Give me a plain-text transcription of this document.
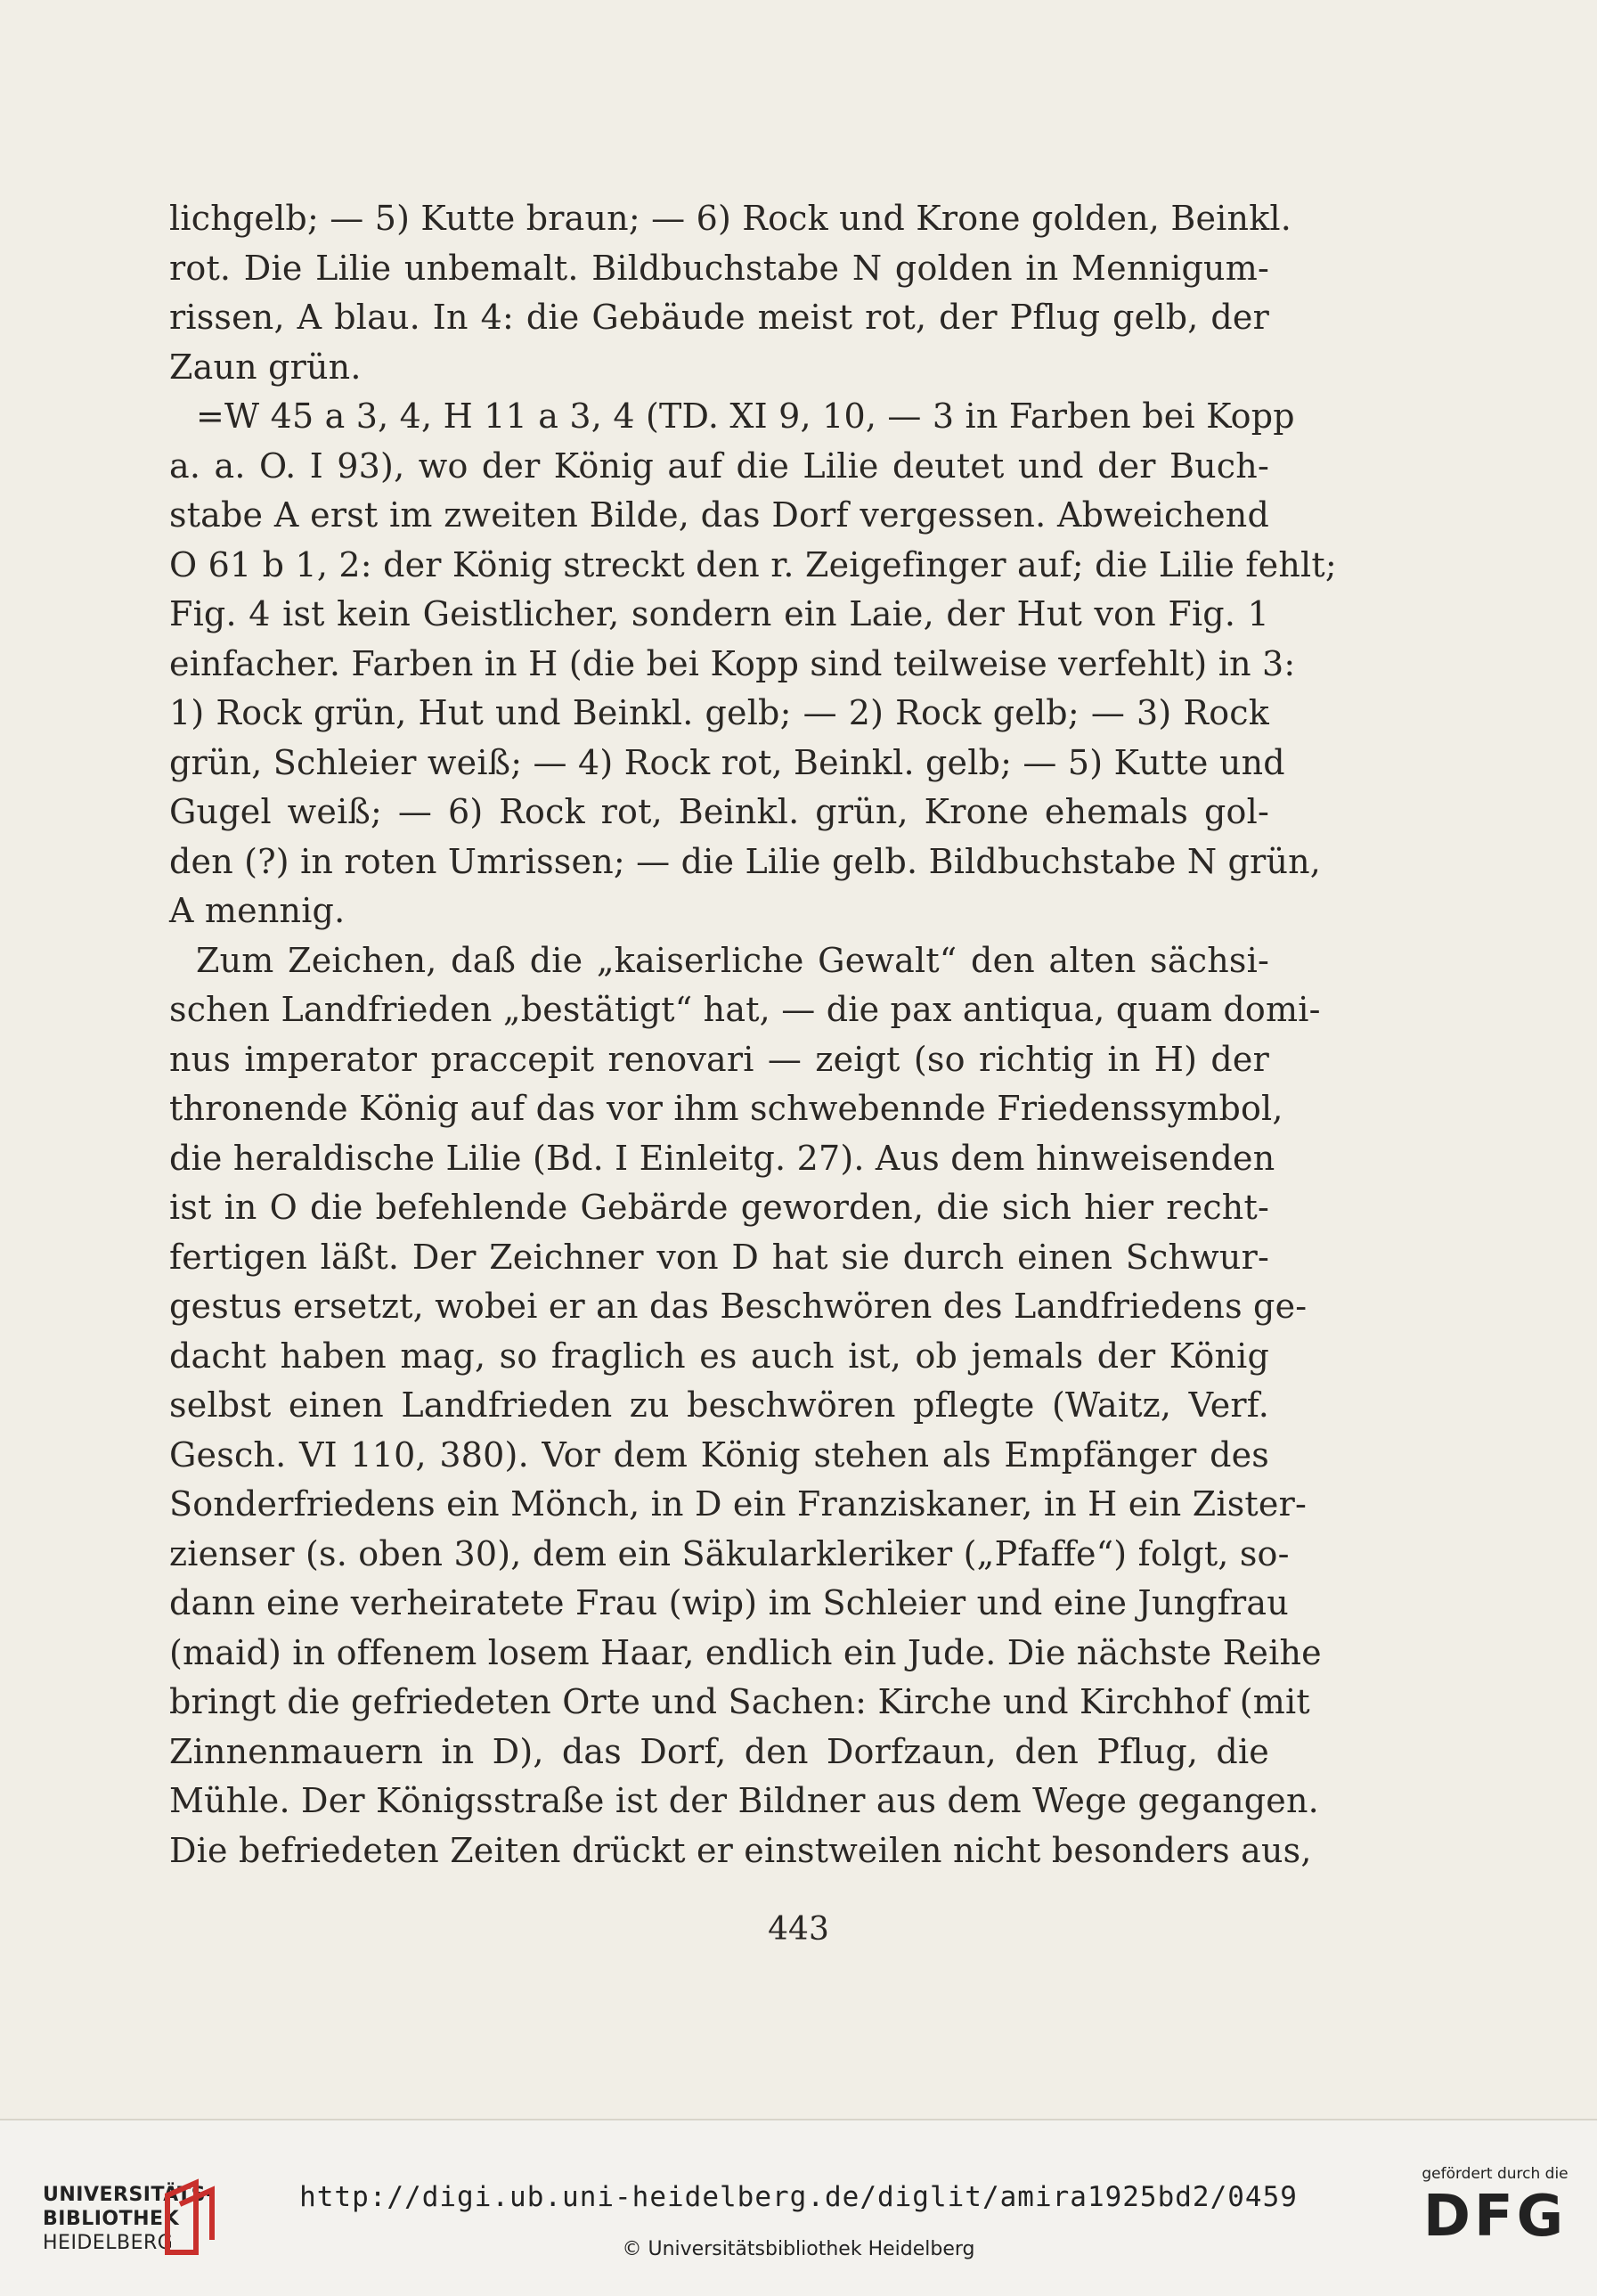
lichgelb; — 5) Kutte braun; — 6) Rock und Krone golden, Beinkl.
rot. Die Lilie unbemalt. Bildbuchstabe N golden in Mennigum-
rissen, A blau. In 4: die Gebäude meist rot, der Pflug gelb, der
Zaun grün.
=W 45 a 3, 4, H 11 a 3, 4 (TD. XI 9, 10, — 3 in Farben bei Kopp
a. a. O. I 93), wo der König auf die Lilie deutet und der Buch-
stabe A erst im zweiten Bilde, das Dorf vergessen. Abweichend
O 61 b 1, 2: der König streckt den r. Zeigefinger auf; die Lilie fehlt;
Fig. 4 ist kein Geistlicher, sondern ein Laie, der Hut von Fig. 1
einfacher. Farben in H (die bei Kopp sind teilweise verfehlt) in 3:
1) Rock grün, Hut und Beinkl. gelb; — 2) Rock gelb; — 3) Rock
grün, Schleier weiß; — 4) Rock rot, Beinkl. gelb; — 5) Kutte und
Gugel weiß; — 6) Rock rot, Beinkl. grün, Krone ehemals gol-
den (?) in roten Umrissen; — die Lilie gelb. Bildbuchstabe N grün,
A mennig.
Zum Zeichen, daß die „kaiserliche Gewalt“ den alten sächsi-
schen Landfrieden „bestätigt“ hat, — die pax antiqua, quam domi-
nus imperator praccepit renovari — zeigt (so richtig in H) der
thronende König auf das vor ihm schwebennde Friedenssymbol,
die heraldische Lilie (Bd. I Einleitg. 27). Aus dem hinweisenden
ist in O die befehlende Gebärde geworden, die sich hier recht-
fertigen läßt. Der Zeichner von D hat sie durch einen Schwur-
gestus ersetzt, wobei er an das Beschwören des Landfriedens ge-
dacht haben mag, so fraglich es auch ist, ob jemals der König
selbst einen Landfrieden zu beschwören pflegte (Waitz, Verf.
Gesch. VI 110, 380). Vor dem König stehen als Empfänger des
Sonderfriedens ein Mönch, in D ein Franziskaner, in H ein Zister-
zienser (s. oben 30), dem ein Säkularkleriker („Pfaffe“) folgt, so-
dann eine verheiratete Frau (wip) im Schleier und eine Jungfrau
(maid) in offenem losem Haar, endlich ein Jude. Die nächste Reihe
bringt die gefriedeten Orte und Sachen: Kirche und Kirchhof (mit
Zinnenmauern in D), das Dorf, den Dorfzaun, den Pflug, die
Mühle. Der Königsstraße ist der Bildner aus dem Wege gegangen.
Die befriedeten Zeiten drückt er einstweilen nicht besonders aus,
443
UNIVERSITÄTS-
BIBLIOTHEK
HEIDELBERG
http://digi.ub.uni-heidelberg.de/diglit/amira1925bd2/0459
© Universitätsbibliothek Heidelberg
gefördert durch die
DFG
